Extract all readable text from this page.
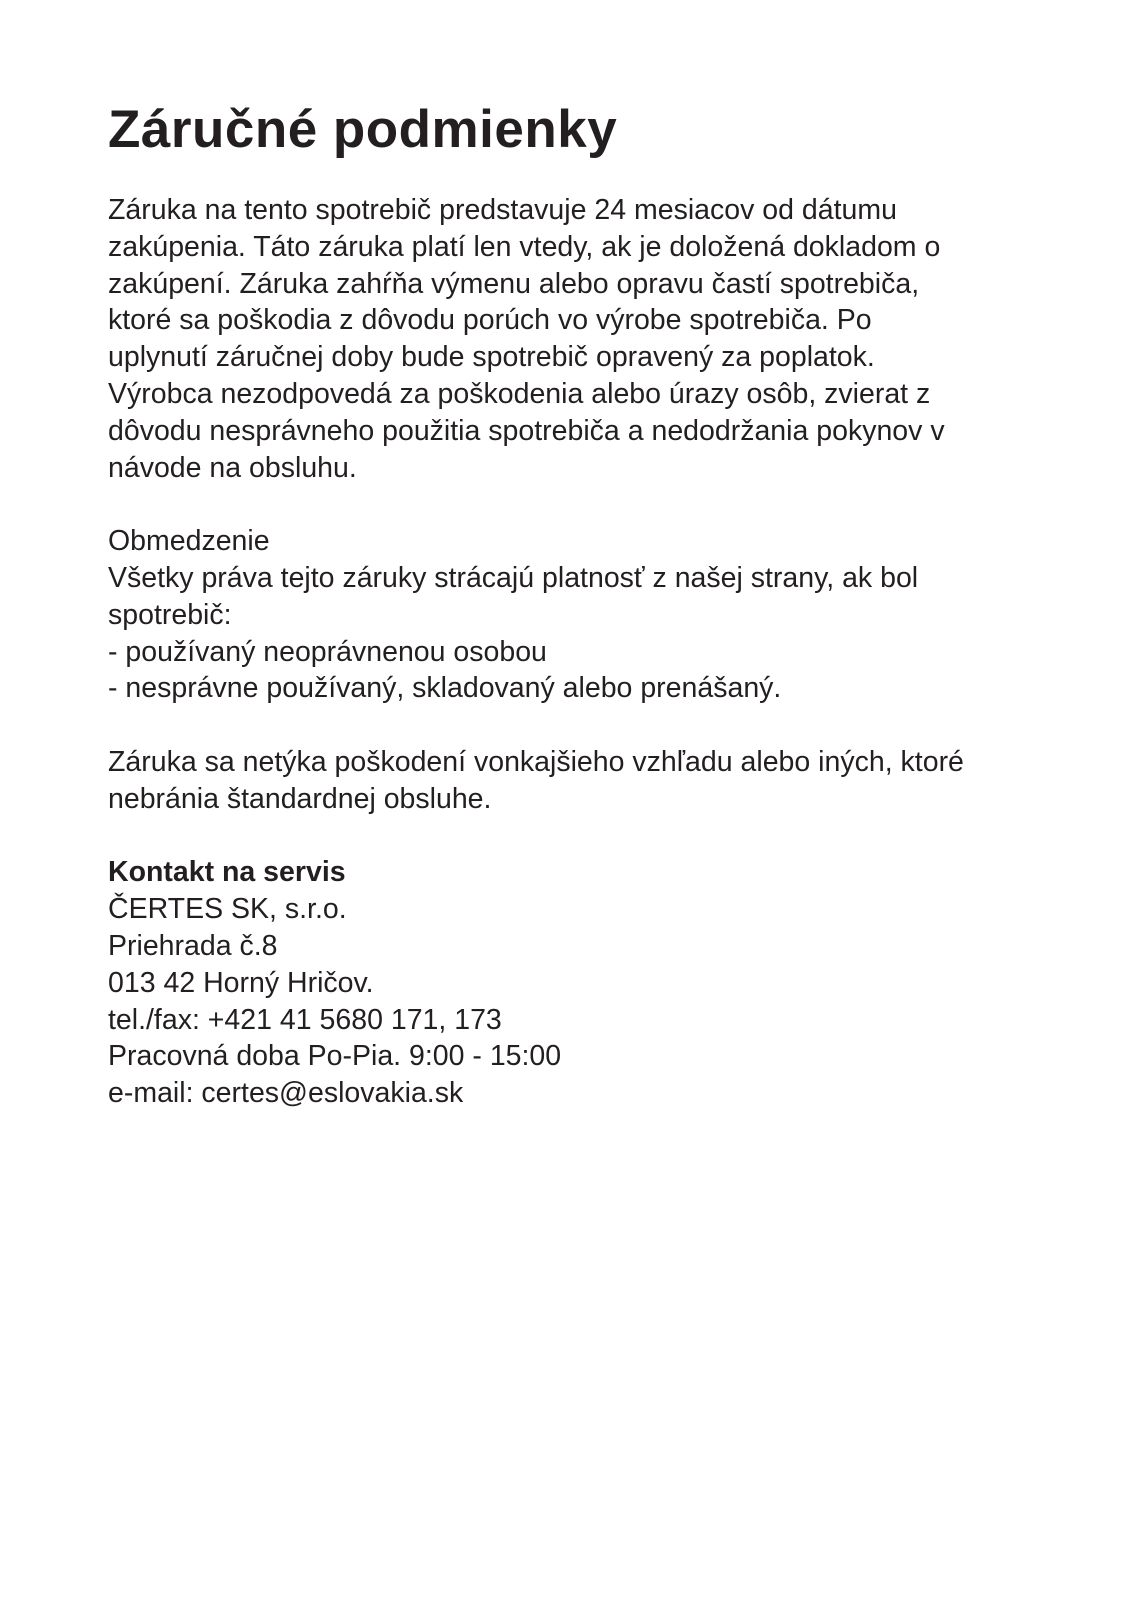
Záručné podmienky

Záruka na tento spotrebič predstavuje 24 mesiacov od dátumu
zakúpenia. Táto záruka platí len vtedy, ak je doložená dokladom o
zakúpení. Záruka zahŕňa výmenu alebo opravu častí spotrebiča,
ktoré sa poškodia z dôvodu porúch vo výrobe spotrebiča. Po
uplynutí záručnej doby bude spotrebič opravený za poplatok.
Výrobca nezodpovedá za poškodenia alebo úrazy osôb, zvierat z
dôvodu nesprávneho použitia spotrebiča a nedodržania pokynov v
návode na obsluhu.

Obmedzenie
Všetky práva tejto záruky strácajú platnosť z našej strany, ak bol
spotrebič:
- používaný neoprávnenou osobou
- nesprávne používaný, skladovaný alebo prenášaný.

Záruka sa netýka poškodení vonkajšieho vzhľadu alebo iných, ktoré
nebránia štandardnej obsluhe.

Kontakt na servis
ČERTES SK, s.r.o.
Priehrada č.8
013 42 Horný Hričov.
tel./fax: +421 41 5680 171, 173
Pracovná doba Po-Pia. 9:00 - 15:00
e-mail: certes@eslovakia.sk
